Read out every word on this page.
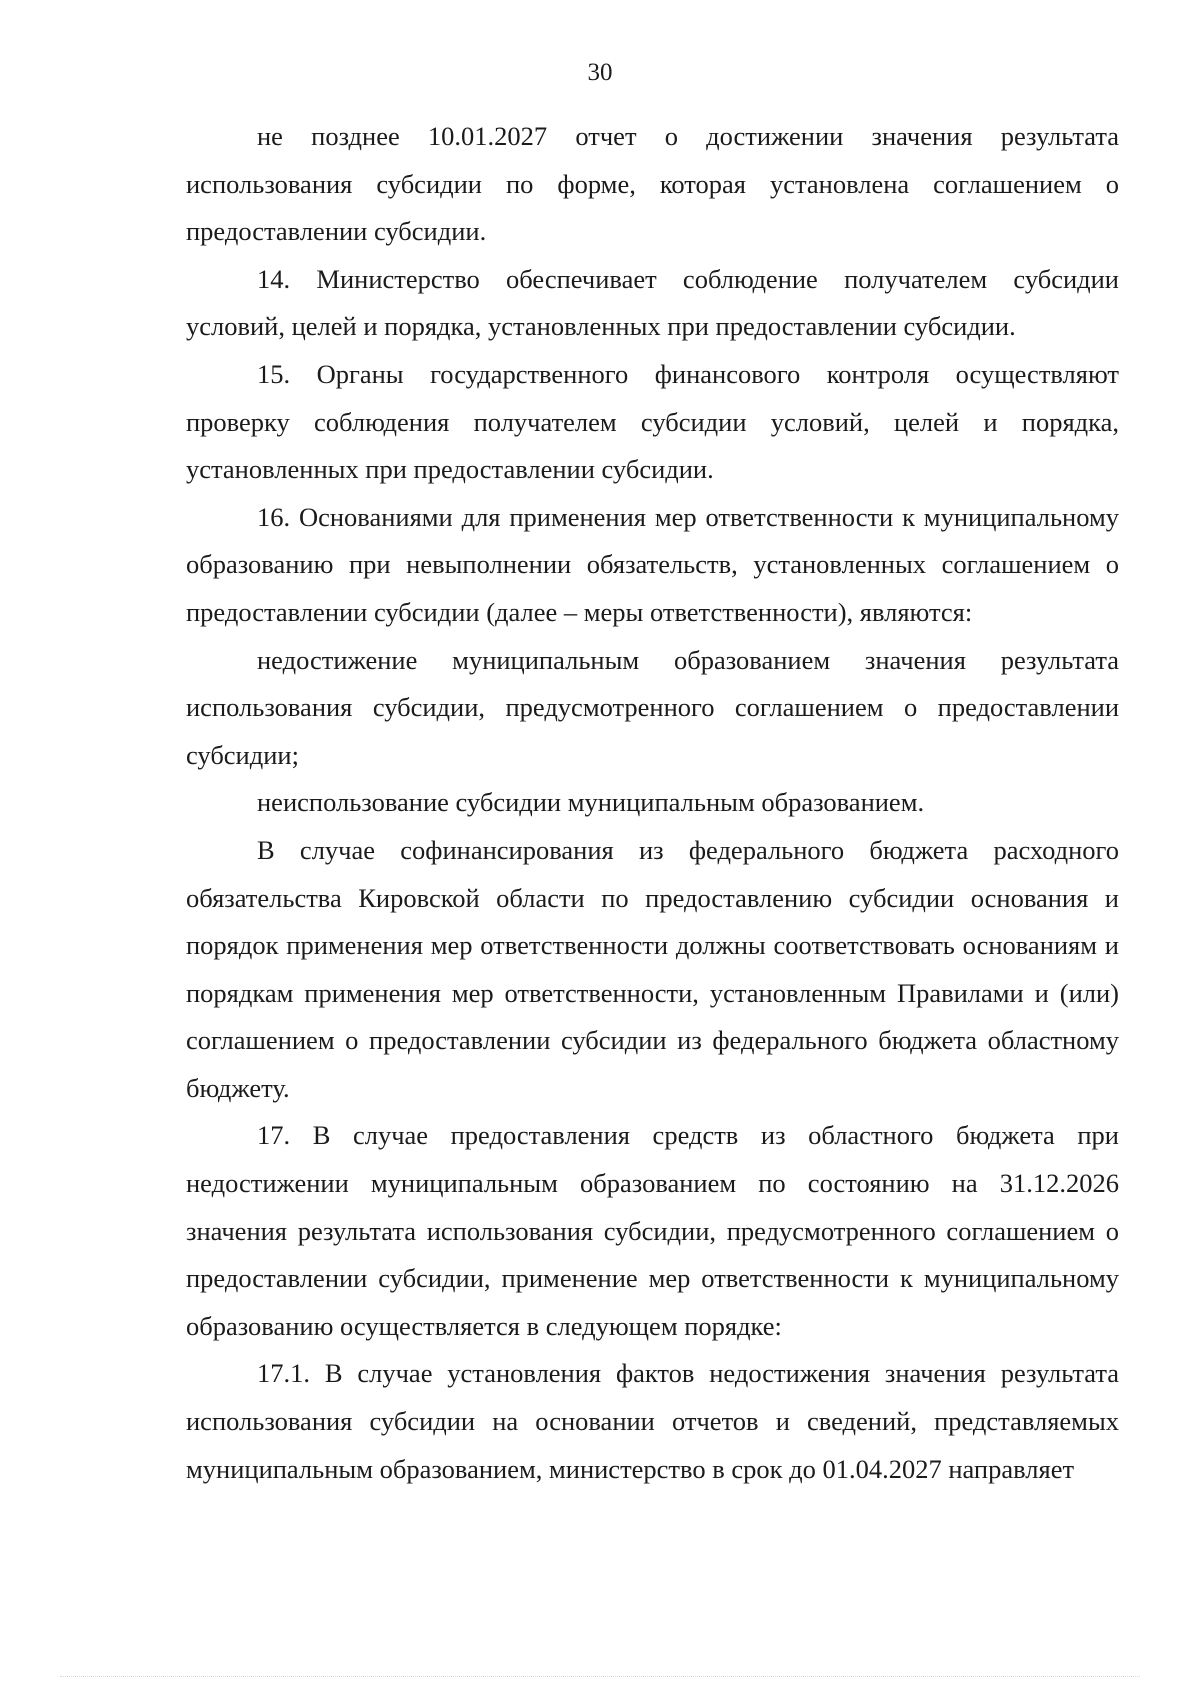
30

не позднее 10.01.2027 отчет о достижении значения результата использования субсидии по форме, которая установлена соглашением о предоставлении субсидии.

14. Министерство обеспечивает соблюдение получателем субсидии условий, целей и порядка, установленных при предоставлении субсидии.

15. Органы государственного финансового контроля осуществляют проверку соблюдения получателем субсидии условий, целей и порядка, установленных при предоставлении субсидии.

16. Основаниями для применения мер ответственности к муниципальному образованию при невыполнении обязательств, установленных соглашением о предоставлении субсидии (далее – меры ответственности), являются:

недостижение муниципальным образованием значения результата использования субсидии, предусмотренного соглашением о предоставлении субсидии;

неиспользование субсидии муниципальным образованием.

В случае софинансирования из федерального бюджета расходного обязательства Кировской области по предоставлению субсидии основания и порядок применения мер ответственности должны соответствовать основаниям и порядкам применения мер ответственности, установленным Правилами и (или) соглашением о предоставлении субсидии из федерального бюджета областному бюджету.

17. В случае предоставления средств из областного бюджета при недостижении муниципальным образованием по состоянию на 31.12.2026 значения результата использования субсидии, предусмотренного соглашением о предоставлении субсидии, применение мер ответственности к муниципальному образованию осуществляется в следующем порядке:

17.1. В случае установления фактов недостижения значения результата использования субсидии на основании отчетов и сведений, представляемых муниципальным образованием, министерство в срок до 01.04.2027 направляет
